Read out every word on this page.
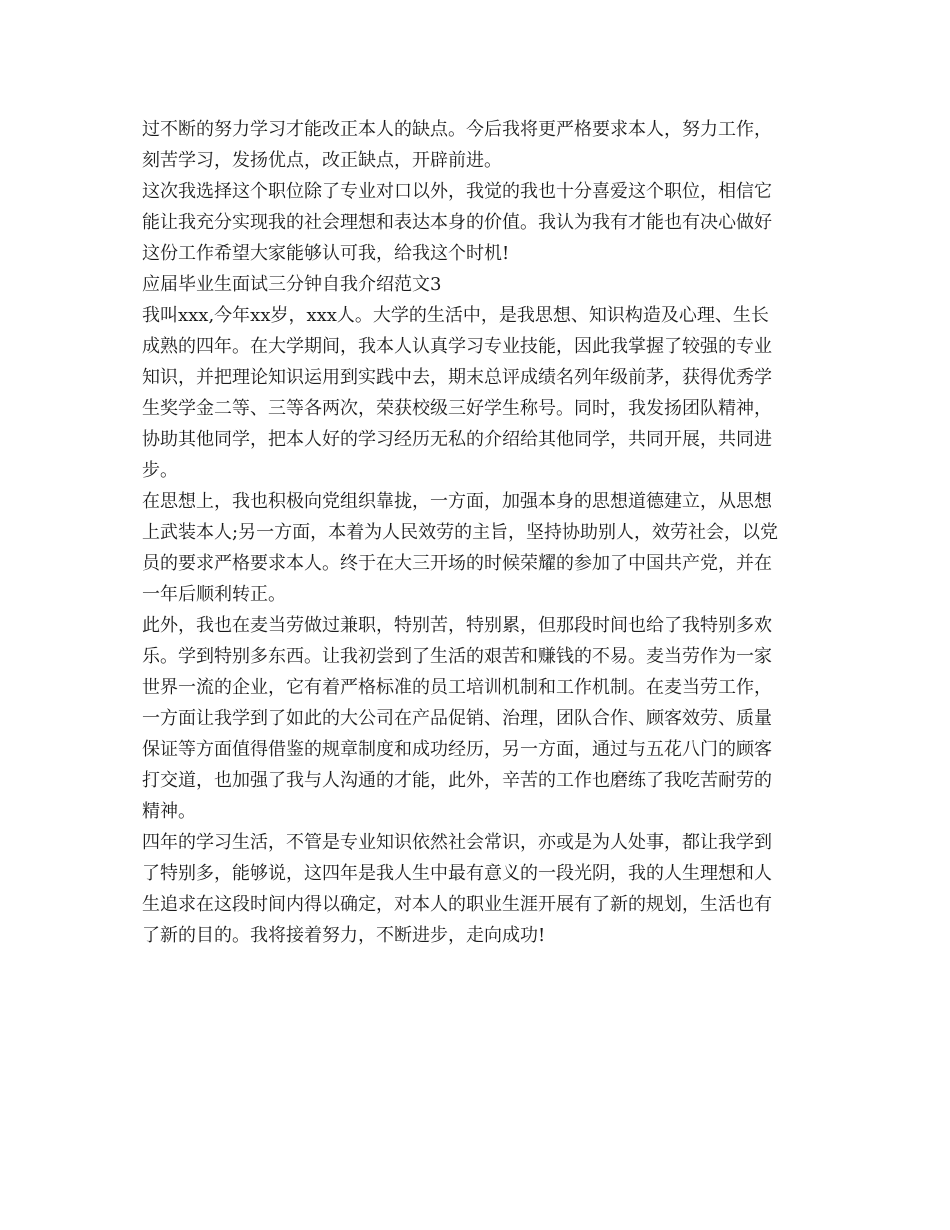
过不断的努力学习才能改正本人的缺点。今后我将更严格要求本人，努力工作，
刻苦学习，发扬优点，改正缺点，开辟前进。
这次我选择这个职位除了专业对口以外，我觉的我也十分喜爱这个职位，相信它
能让我充分实现我的社会理想和表达本身的价值。我认为我有才能也有决心做好
这份工作希望大家能够认可我，给我这个时机!
应届毕业生面试三分钟自我介绍范文3
我叫xxx,今年xx岁，xxx人。大学的生活中，是我思想、知识构造及心理、生长
成熟的四年。在大学期间，我本人认真学习专业技能，因此我掌握了较强的专业
知识，并把理论知识运用到实践中去，期末总评成绩名列年级前茅，获得优秀学
生奖学金二等、三等各两次，荣获校级三好学生称号。同时，我发扬团队精神，
协助其他同学，把本人好的学习经历无私的介绍给其他同学，共同开展，共同进
步。
在思想上，我也积极向党组织靠拢，一方面，加强本身的思想道德建立，从思想
上武装本人;另一方面，本着为人民效劳的主旨，坚持协助别人，效劳社会，以党
员的要求严格要求本人。终于在大三开场的时候荣耀的参加了中国共产党，并在
一年后顺利转正。
此外，我也在麦当劳做过兼职，特别苦，特别累，但那段时间也给了我特别多欢
乐。学到特别多东西。让我初尝到了生活的艰苦和赚钱的不易。麦当劳作为一家
世界一流的企业，它有着严格标准的员工培训机制和工作机制。在麦当劳工作，
一方面让我学到了如此的大公司在产品促销、治理，团队合作、顾客效劳、质量
保证等方面值得借鉴的规章制度和成功经历，另一方面，通过与五花八门的顾客
打交道，也加强了我与人沟通的才能，此外，辛苦的工作也磨练了我吃苦耐劳的
精神。
四年的学习生活，不管是专业知识依然社会常识，亦或是为人处事，都让我学到
了特别多，能够说，这四年是我人生中最有意义的一段光阴，我的人生理想和人
生追求在这段时间内得以确定，对本人的职业生涯开展有了新的规划，生活也有
了新的目的。我将接着努力，不断进步，走向成功!
